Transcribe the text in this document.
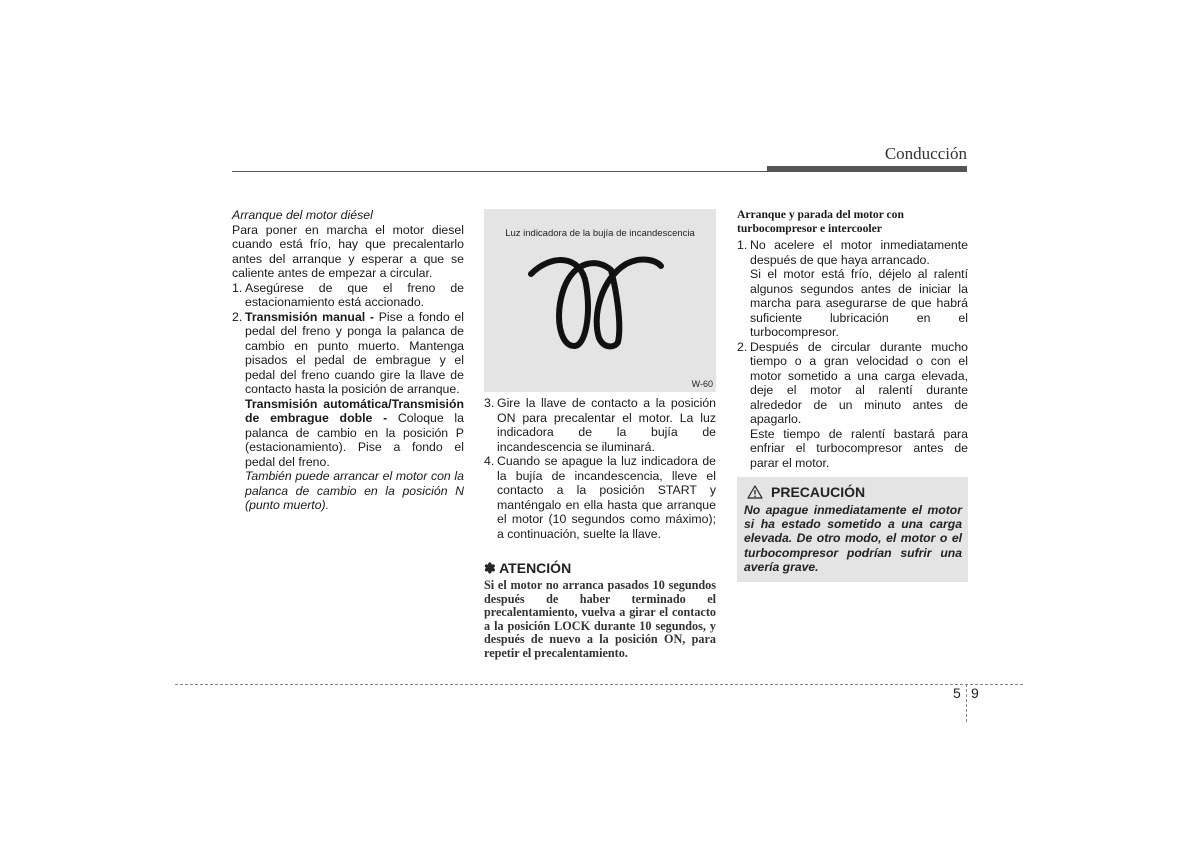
Conducción

Arranque del motor diésel

Para poner en marcha el motor diesel cuando está frío, hay que precalentarlo antes del arranque y esperar a que se caliente antes de empezar a circular.

1. Asegúrese de que el freno de estacionamiento está accionado.
2. Transmisión manual - Pise a fondo el pedal del freno y ponga la palanca de cambio en punto muerto. Mantenga pisados el pedal de embrague y el pedal del freno cuando gire la llave de contacto hasta la posición de arranque.

Transmisión automática/Transmisión de embrague doble - Coloque la palanca de cambio en la posición P (estacionamiento). Pise a fondo el pedal del freno.

También puede arrancar el motor con la palanca de cambio en la posición N (punto muerto).

Luz indicadora de la bujía de incandescencia
W-60
3. Gire la llave de contacto a la posición ON para precalentar el motor. La luz indicadora de la bujía de incandescencia se iluminará.
4. Cuando se apague la luz indicadora de la bujía de incandescencia, lleve el contacto a la posición START y manténgalo en ella hasta que arranque el motor (10 segundos como máximo); a continuación, suelte la llave.
✽ ATENCIÓN
Si el motor no arranca pasados 10 segundos después de haber terminado el precalentamiento, vuelva a girar el contacto a la posición LOCK durante 10 segundos, y después de nuevo a la posición ON, para repetir el precalentamiento.

Arranque y parada del motor con turbocompresor e intercooler

1. No acelere el motor inmediatamente después de que haya arrancado.

Si el motor está frío, déjelo al ralentí algunos segundos antes de iniciar la marcha para asegurarse de que habrá suficiente lubricación en el turbocompresor.

2. Después de circular durante mucho tiempo o a gran velocidad o con el motor sometido a una carga elevada, deje el motor al ralentí durante alrededor de un minuto antes de apagarlo.

Este tiempo de ralentí bastará para enfriar el turbocompresor antes de parar el motor.

PRECAUCIÓN
No apague inmediatamente el motor si ha estado sometido a una carga elevada. De otro modo, el motor o el turbocompresor podrían sufrir una avería grave.
5 9
